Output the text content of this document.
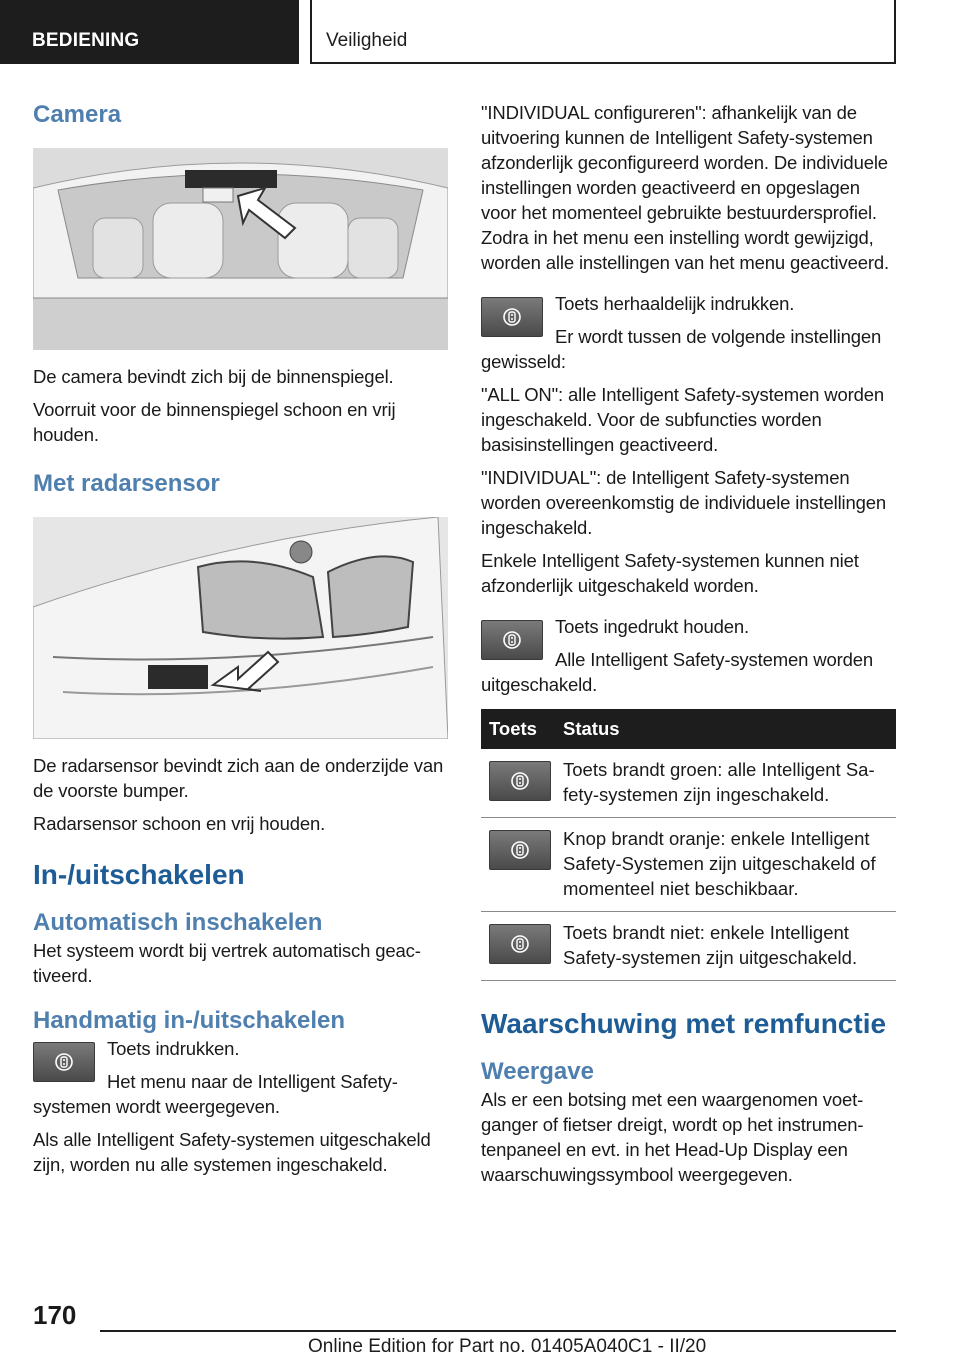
BEDIENING	Veiligheid
Camera

De camera bevindt zich bij de binnenspiegel.

Voorruit voor de binnenspiegel schoon en vrij houden.

Met radarsensor

De radarsensor bevindt zich aan de onderzijde van de voorste bumper.

Radarsensor schoon en vrij houden.

In-/uitschakelen
Automatisch inschakelen

Het systeem wordt bij vertrek automatisch geactiveerd.

Handmatig in-/uitschakelen

Toets indrukken.

Het menu naar de Intelligent Safety-systemen wordt weergegeven.

Als alle Intelligent Safety-systemen uitgeschakeld zijn, worden nu alle systemen ingeschakeld.

"INDIVIDUAL configureren": afhankelijk van de uitvoering kunnen de Intelligent Safety-systemen afzonderlijk geconfigureerd worden. De individuele instellingen worden geactiveerd en opgeslagen voor het momenteel gebruikte bestuurdersprofiel. Zodra in het menu een instelling wordt gewijzigd, worden alle instellingen van het menu geactiveerd.

Toets herhaaldelijk indrukken.

Er wordt tussen de volgende instellingen gewisseld:

"ALL ON": alle Intelligent Safety-systemen worden ingeschakeld. Voor de subfuncties worden basisinstellingen geactiveerd.

"INDIVIDUAL": de Intelligent Safety-systemen worden overeenkomstig de individuele instellingen ingeschakeld.

Enkele Intelligent Safety-systemen kunnen niet afzonderlijk uitgeschakeld worden.

Toets ingedrukt houden.

Alle Intelligent Safety-systemen worden uitgeschakeld.

Toets	Status

	Toets brandt groen: alle Intelligent Safety-systemen zijn ingeschakeld.

	Knop brandt oranje: enkele Intelligent Safety-Systemen zijn uitgeschakeld of momenteel niet beschikbaar.

	Toets brandt niet: enkele Intelligent Safety-systemen zijn uitgeschakeld.
Waarschuwing met remfunctie
Weergave

Als er een botsing met een waargenomen voetganger of fietser dreigt, wordt op het instrumentenpaneel en evt. in het Head-Up Display een waarschuwingssymbool weergegeven.

170
Online Edition for Part no. 01405A040C1 - II/20
